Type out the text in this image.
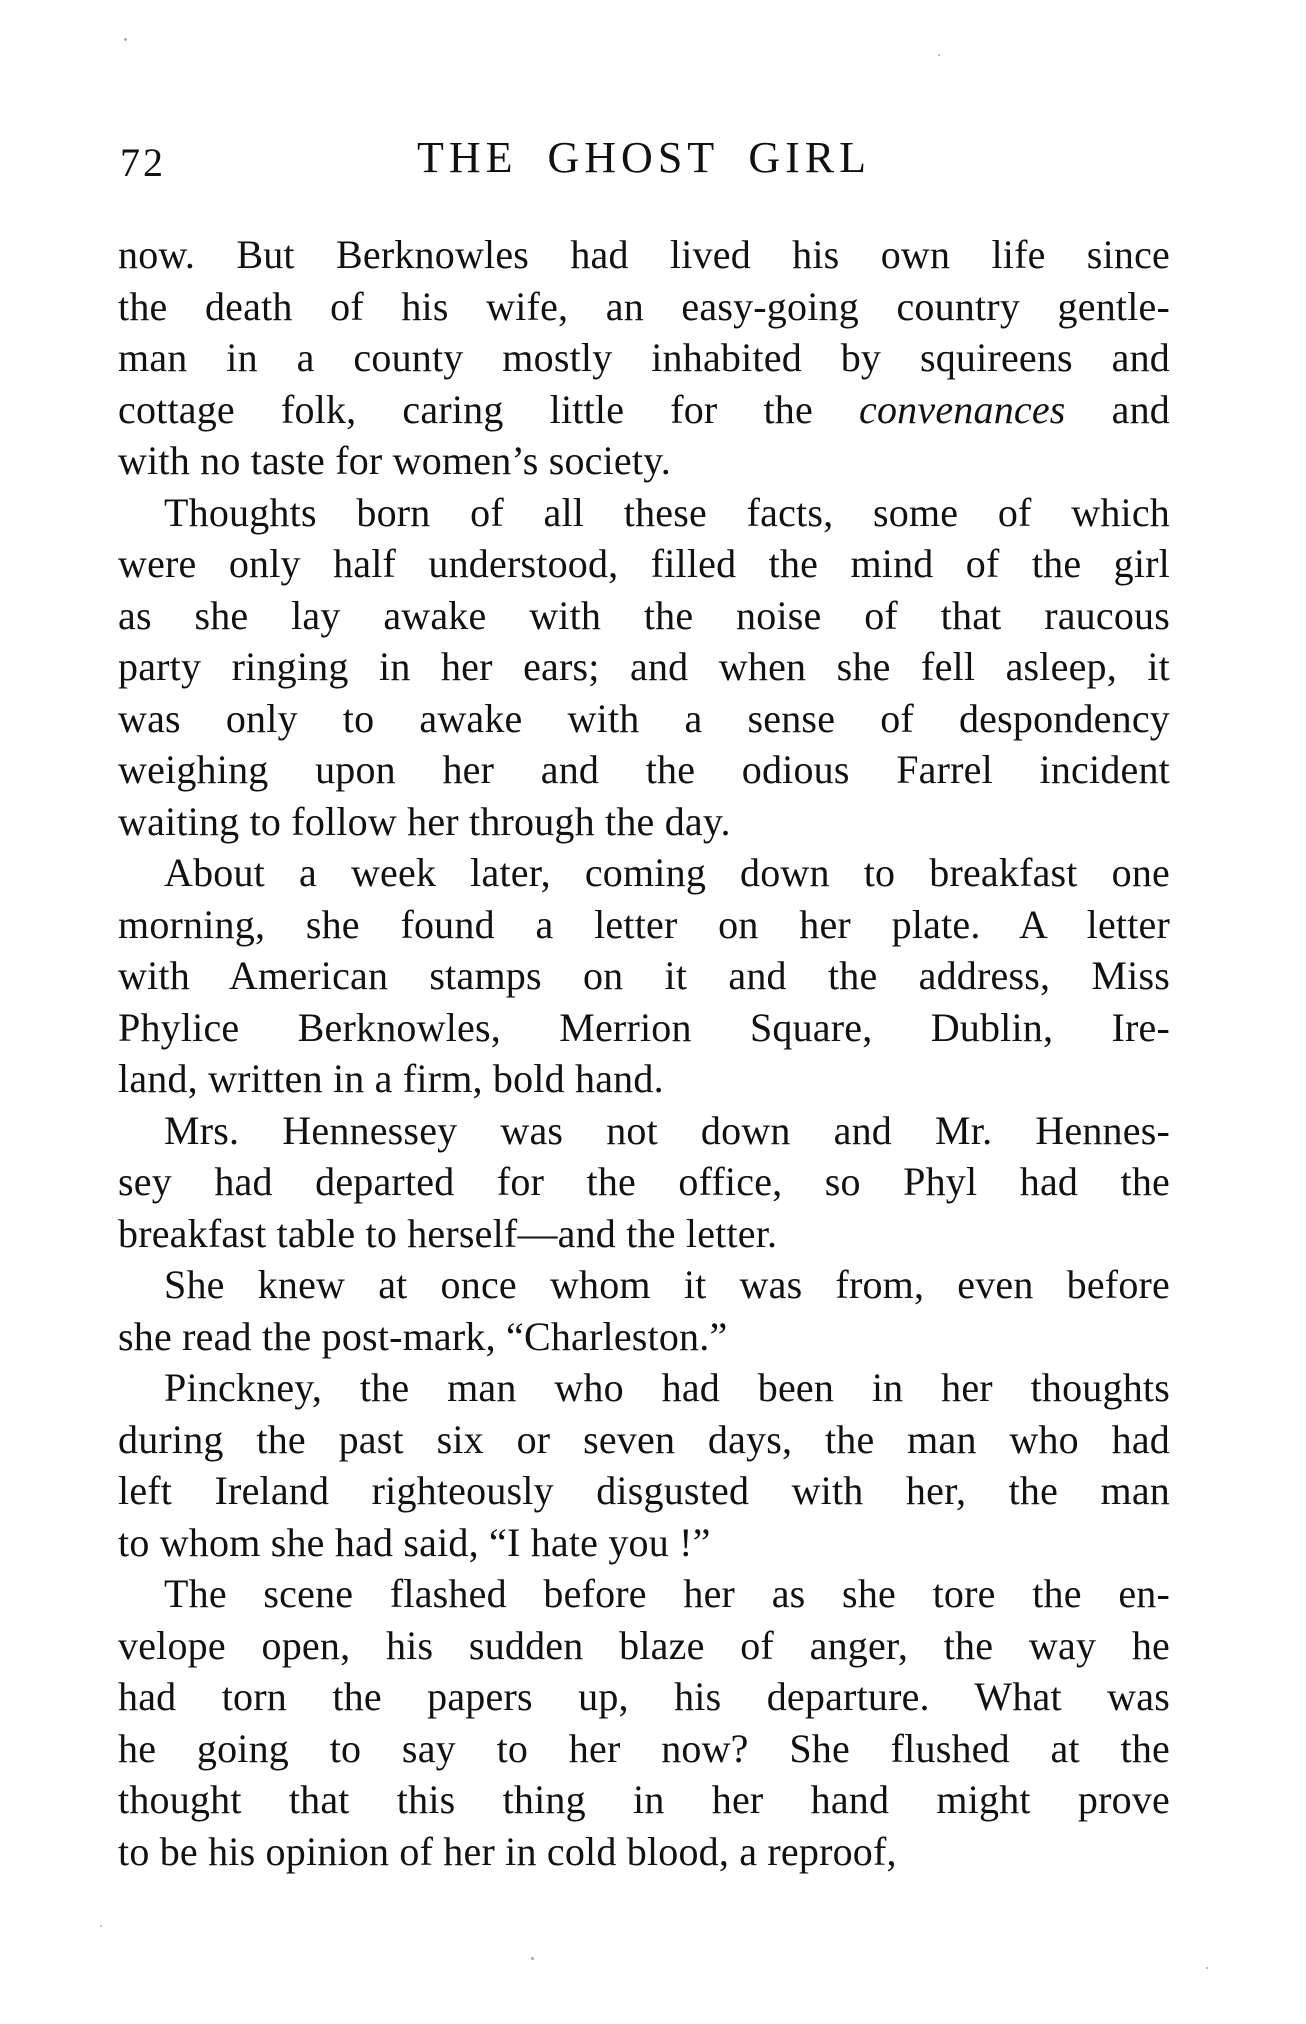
72	THE GHOST GIRL
now. But Berknowles had lived his own life since
the death of his wife, an easy-going country gentle-
man in a county mostly inhabited by squireens and
cottage folk, caring little for the convenances and
with no taste for women’s society.
Thoughts born of all these facts, some of which
were only half understood, filled the mind of the girl
as she lay awake with the noise of that raucous
party ringing in her ears; and when she fell asleep, it
was only to awake with a sense of despondency
weighing upon her and the odious Farrel incident
waiting to follow her through the day.
About a week later, coming down to breakfast one
morning, she found a letter on her plate. A letter
with American stamps on it and the address, Miss
Phylice Berknowles, Merrion Square, Dublin, Ire-
land, written in a firm, bold hand.
Mrs. Hennessey was not down and Mr. Hennes-
sey had departed for the office, so Phyl had the
breakfast table to herself—and the letter.
She knew at once whom it was from, even before
she read the post-mark, “Charleston.”
Pinckney, the man who had been in her thoughts
during the past six or seven days, the man who had
left Ireland righteously disgusted with her, the man
to whom she had said, “I hate you !”
The scene flashed before her as she tore the en-
velope open, his sudden blaze of anger, the way he
had torn the papers up, his departure. What was
he going to say to her now? She flushed at the
thought that this thing in her hand might prove
to be his opinion of her in cold blood, a reproof,
